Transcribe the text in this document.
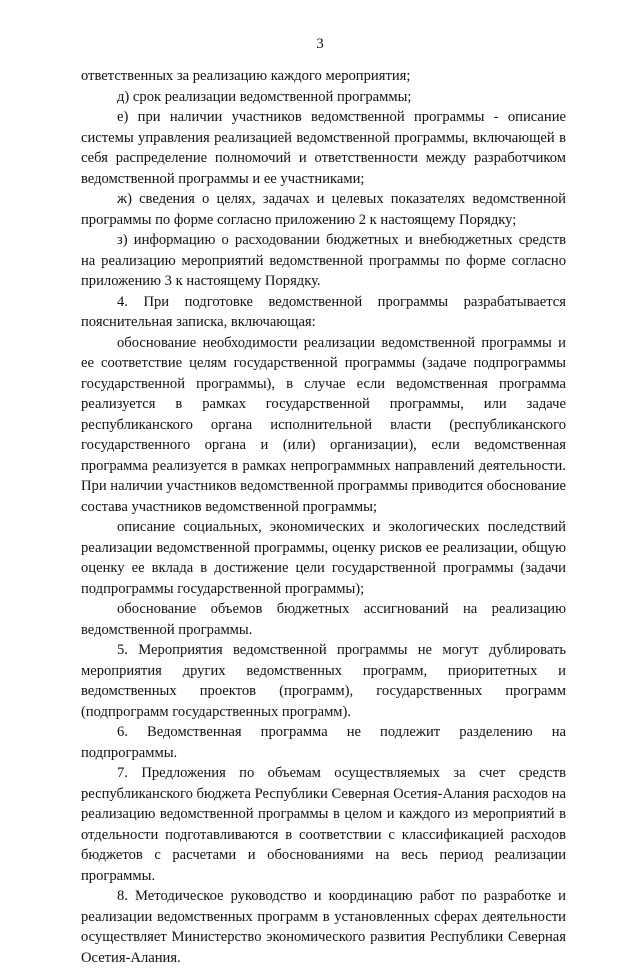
3

ответственных за реализацию каждого мероприятия;

д) срок реализации ведомственной программы;

е) при наличии участников ведомственной программы - описание системы управления реализацией ведомственной программы, включающей в себя распределение полномочий и ответственности между разработчиком ведомственной программы и ее участниками;

ж) сведения о целях, задачах и целевых показателях ведомственной программы по форме согласно приложению 2 к настоящему Порядку;

з) информацию о расходовании бюджетных и внебюджетных средств на реализацию мероприятий ведомственной программы по форме согласно приложению 3 к настоящему Порядку.

4. При подготовке ведомственной программы разрабатывается пояснительная записка, включающая:

обоснование необходимости реализации ведомственной программы и ее соответствие целям государственной программы (задаче подпрограммы государственной программы), в случае если ведомственная программа реализуется в рамках государственной программы, или задаче республиканского органа исполнительной власти (республиканского государственного органа и (или) организации), если ведомственная программа реализуется в рамках непрограммных направлений деятельности. При наличии участников ведомственной программы приводится обоснование состава участников ведомственной программы;

описание социальных, экономических и экологических последствий реализации ведомственной программы, оценку рисков ее реализации, общую оценку ее вклада в достижение цели государственной программы (задачи подпрограммы государственной программы);

обоснование объемов бюджетных ассигнований на реализацию ведомственной программы.

5. Мероприятия ведомственной программы не могут дублировать мероприятия других ведомственных программ, приоритетных и ведомственных проектов (программ), государственных программ (подпрограмм государственных программ).

6. Ведомственная программа не подлежит разделению на подпрограммы.

7. Предложения по объемам осуществляемых за счет средств республиканского бюджета Республики Северная Осетия-Алания расходов на реализацию ведомственной программы в целом и каждого из мероприятий в отдельности подготавливаются в соответствии с классификацией расходов бюджетов с расчетами и обоснованиями на весь период реализации программы.

8. Методическое руководство и координацию работ по разработке и реализации ведомственных программ в установленных сферах деятельности осуществляет Министерство экономического развития Республики Северная Осетия-Алания.
